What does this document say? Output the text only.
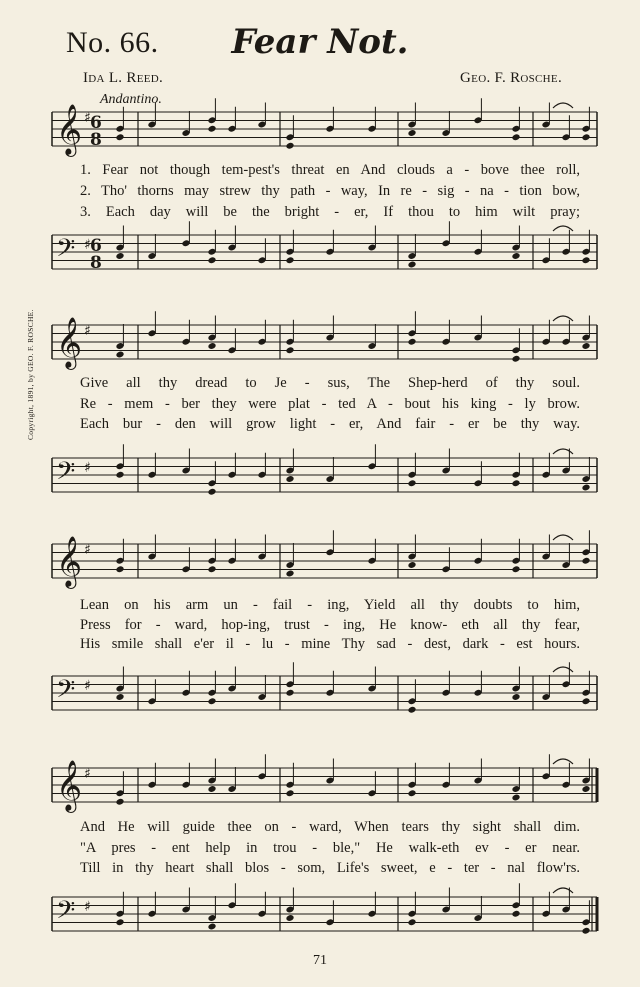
No. 66.	Fear Not.
Ida L. Reed.	Geo. F. Rosche.
Andantino.
Copyright, 1891, by GEO. F. ROSCHE.
𝄞 ♯ 6
8
1. Fear not though tem-pest's threat en And clouds a - bove thee roll,
2. Tho' thorns may strew thy path - way, In re - sig - na - tion bow,
3. Each day will be the bright - er, If thou to him wilt pray;
𝄢 ♯ 6
8
𝄞 ♯
Give all thy dread to Je - sus, The Shep-herd of thy soul.
Re - mem - ber they were plat - ted A - bout his king - ly brow.
Each bur - den will grow light - er, And fair - er be thy way.
𝄢 ♯
𝄞 ♯
Lean on his arm un - fail - ing, Yield all thy doubts to him,
Press for - ward, hop-ing, trust - ing, He know- eth all thy fear,
His smile shall e'er il - lu - mine Thy sad - dest, dark - est hours.
𝄢 ♯
𝄞 ♯
And He will guide thee on - ward, When tears thy sight shall dim.
"A pres - ent help in trou - ble," He walk-eth ev - er near.
Till in thy heart shall blos - som, Life's sweet, e - ter - nal flow'rs.
𝄢 ♯
71
